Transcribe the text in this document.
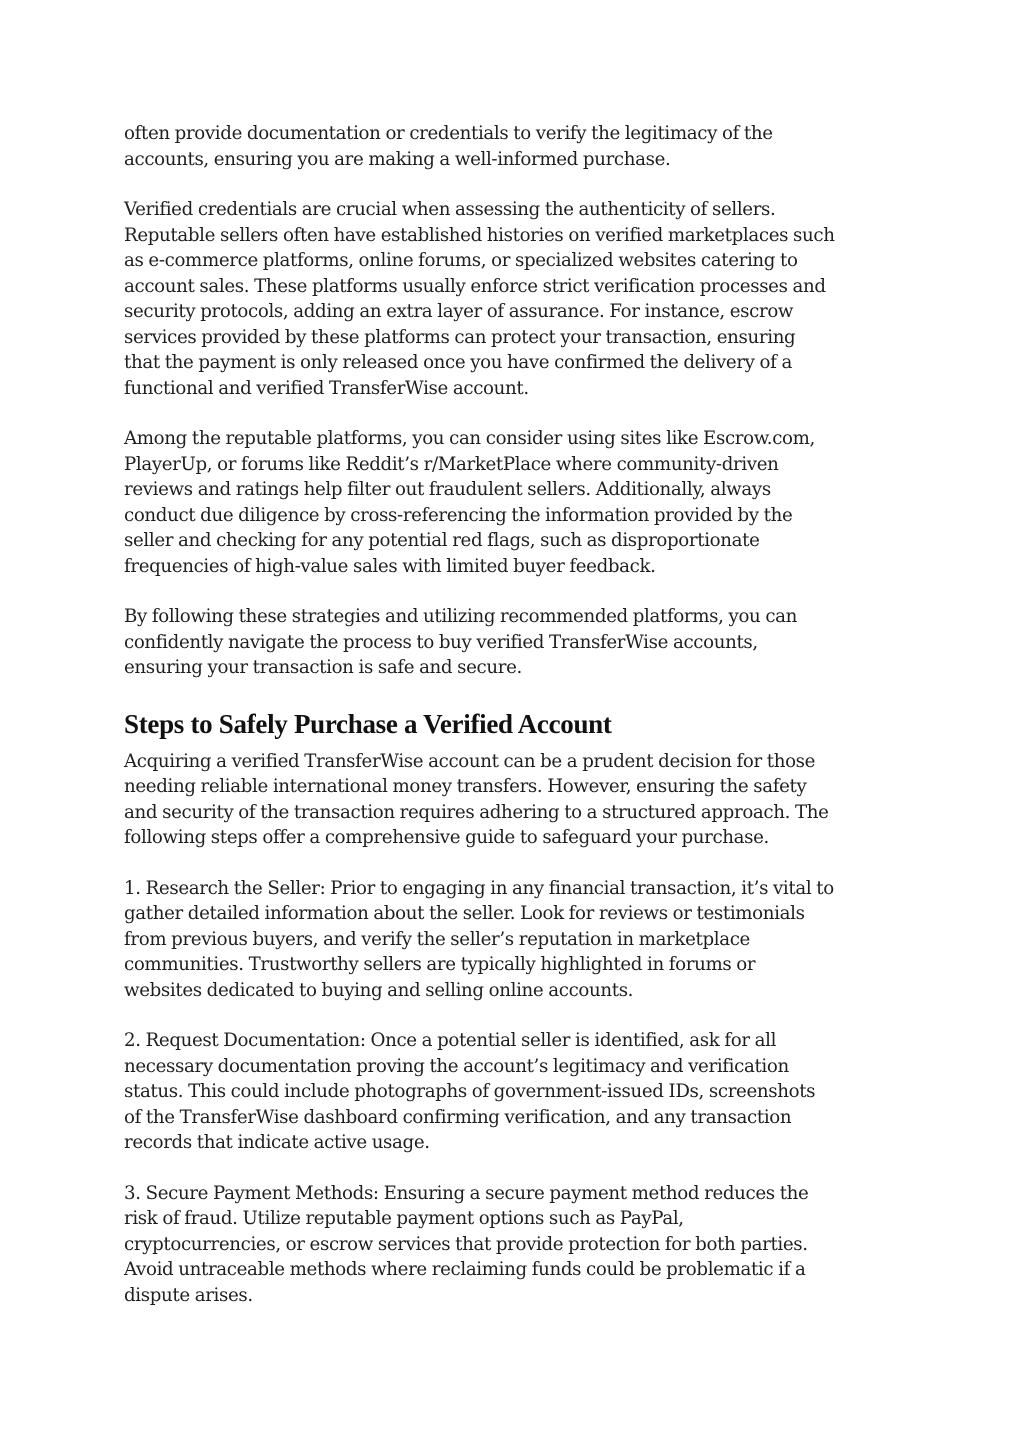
often provide documentation or credentials to verify the legitimacy of the
accounts, ensuring you are making a well-informed purchase.

Verified credentials are crucial when assessing the authenticity of sellers.
Reputable sellers often have established histories on verified marketplaces such
as e-commerce platforms, online forums, or specialized websites catering to
account sales. These platforms usually enforce strict verification processes and
security protocols, adding an extra layer of assurance. For instance, escrow
services provided by these platforms can protect your transaction, ensuring
that the payment is only released once you have confirmed the delivery of a
functional and verified TransferWise account.

Among the reputable platforms, you can consider using sites like Escrow.com,
PlayerUp, or forums like Reddit’s r/MarketPlace where community-driven
reviews and ratings help filter out fraudulent sellers. Additionally, always
conduct due diligence by cross-referencing the information provided by the
seller and checking for any potential red flags, such as disproportionate
frequencies of high-value sales with limited buyer feedback.

By following these strategies and utilizing recommended platforms, you can
confidently navigate the process to buy verified TransferWise accounts,
ensuring your transaction is safe and secure.

Steps to Safely Purchase a Verified Account

Acquiring a verified TransferWise account can be a prudent decision for those
needing reliable international money transfers. However, ensuring the safety
and security of the transaction requires adhering to a structured approach. The
following steps offer a comprehensive guide to safeguard your purchase.

1. Research the Seller: Prior to engaging in any financial transaction, it’s vital to
gather detailed information about the seller. Look for reviews or testimonials
from previous buyers, and verify the seller’s reputation in marketplace
communities. Trustworthy sellers are typically highlighted in forums or
websites dedicated to buying and selling online accounts.

2. Request Documentation: Once a potential seller is identified, ask for all
necessary documentation proving the account’s legitimacy and verification
status. This could include photographs of government-issued IDs, screenshots
of the TransferWise dashboard confirming verification, and any transaction
records that indicate active usage.

3. Secure Payment Methods: Ensuring a secure payment method reduces the
risk of fraud. Utilize reputable payment options such as PayPal,
cryptocurrencies, or escrow services that provide protection for both parties.
Avoid untraceable methods where reclaiming funds could be problematic if a
dispute arises.
